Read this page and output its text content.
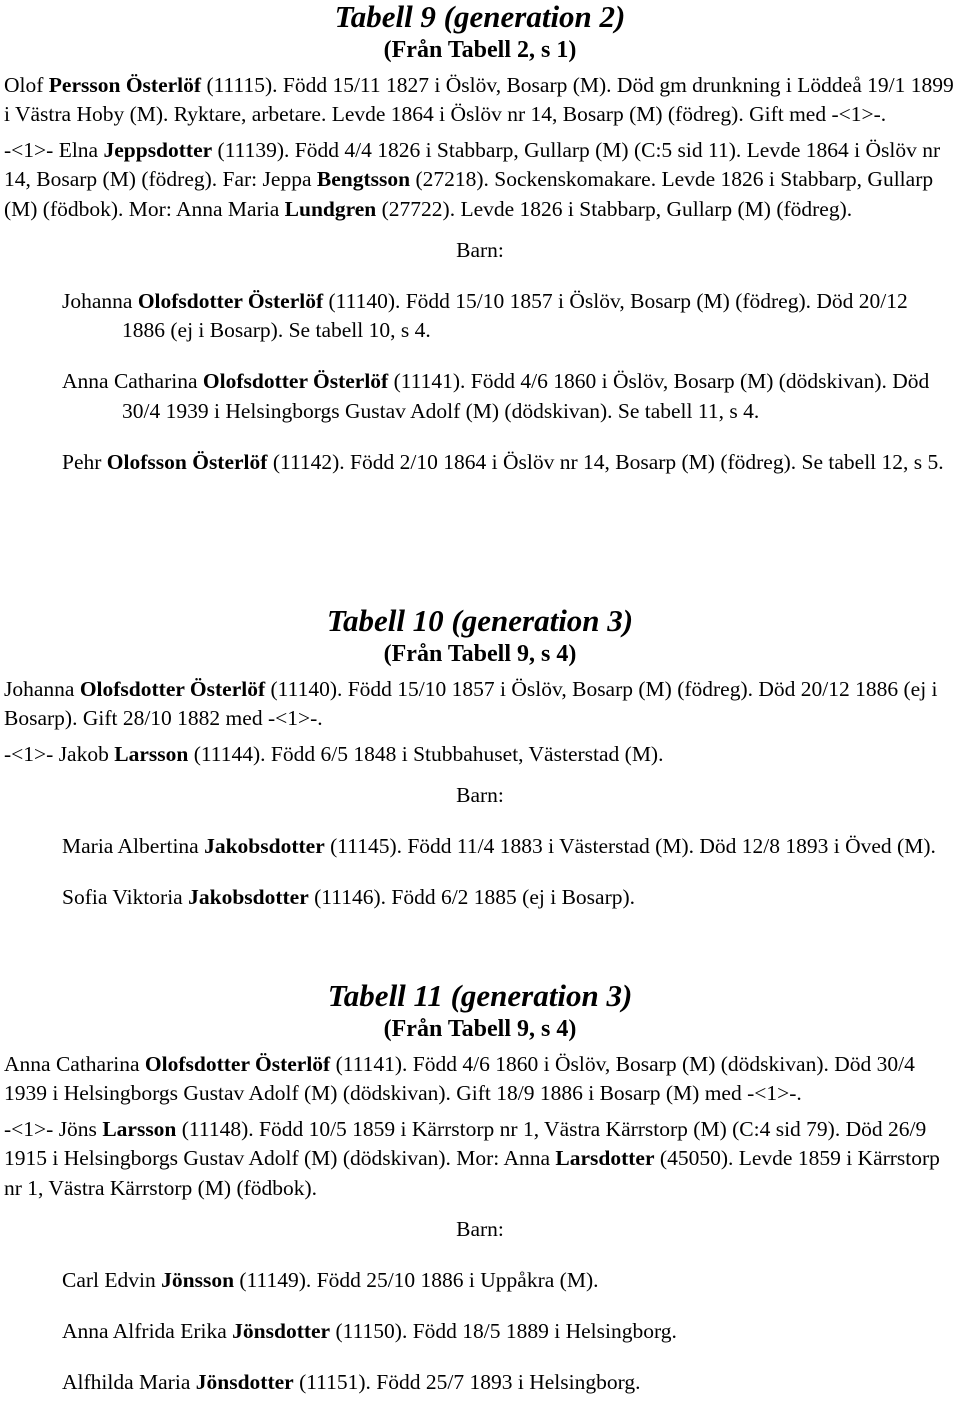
Tabell 9 (generation 2)
(Från Tabell 2, s 1)

Olof Persson Österlöf (11115). Född 15/11 1827 i Öslöv, Bosarp (M). Död gm drunkning i Löddeå 19/1 1899 i Västra Hoby (M). Ryktare, arbetare. Levde 1864 i Öslöv nr 14, Bosarp (M) (födreg). Gift med -<1>-.

-<1>- Elna Jeppsdotter (11139). Född 4/4 1826 i Stabbarp, Gullarp (M) (C:5 sid 11). Levde 1864 i Öslöv nr 14, Bosarp (M) (födreg). Far: Jeppa Bengtsson (27218). Sockenskomakare. Levde 1826 i Stabbarp, Gullarp (M) (födbok). Mor: Anna Maria Lundgren (27722). Levde 1826 i Stabbarp, Gullarp (M) (födreg).

Barn:

Johanna Olofsdotter Österlöf (11140). Född 15/10 1857 i Öslöv, Bosarp (M) (födreg). Död 20/12 1886 (ej i Bosarp). Se tabell 10, s 4.

Anna Catharina Olofsdotter Österlöf (11141). Född 4/6 1860 i Öslöv, Bosarp (M) (dödskivan). Död 30/4 1939 i Helsingborgs Gustav Adolf (M) (dödskivan). Se tabell 11, s 4.

Pehr Olofsson Österlöf (11142). Född 2/10 1864 i Öslöv nr 14, Bosarp (M) (födreg). Se tabell 12, s 5.

Tabell 10 (generation 3)
(Från Tabell 9, s 4)

Johanna Olofsdotter Österlöf (11140). Född 15/10 1857 i Öslöv, Bosarp (M) (födreg). Död 20/12 1886 (ej i Bosarp). Gift 28/10 1882 med -<1>-.

-<1>- Jakob Larsson (11144). Född 6/5 1848 i Stubbahuset, Västerstad (M).

Barn:

Maria Albertina Jakobsdotter (11145). Född 11/4 1883 i Västerstad (M). Död 12/8 1893 i Öved (M).

Sofia Viktoria Jakobsdotter (11146). Född 6/2 1885 (ej i Bosarp).

Tabell 11 (generation 3)
(Från Tabell 9, s 4)

Anna Catharina Olofsdotter Österlöf (11141). Född 4/6 1860 i Öslöv, Bosarp (M) (dödskivan). Död 30/4 1939 i Helsingborgs Gustav Adolf (M) (dödskivan). Gift 18/9 1886 i Bosarp (M) med -<1>-.

-<1>- Jöns Larsson (11148). Född 10/5 1859 i Kärrstorp nr 1, Västra Kärrstorp (M) (C:4 sid 79). Död 26/9 1915 i Helsingborgs Gustav Adolf (M) (dödskivan). Mor: Anna Larsdotter (45050). Levde 1859 i Kärrstorp nr 1, Västra Kärrstorp (M) (födbok).

Barn:

Carl Edvin Jönsson (11149). Född 25/10 1886 i Uppåkra (M).

Anna Alfrida Erika Jönsdotter (11150). Född 18/5 1889 i Helsingborg.

Alfhilda Maria Jönsdotter (11151). Född 25/7 1893 i Helsingborg.
